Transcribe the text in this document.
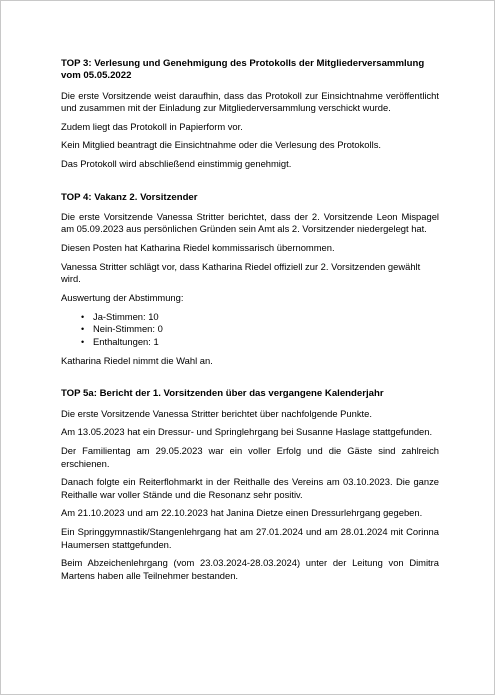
TOP 3: Verlesung und Genehmigung des Protokolls der Mitgliederversammlung vom 05.05.2022

Die erste Vorsitzende weist daraufhin, dass das Protokoll zur Einsichtnahme veröffentlicht und zusammen mit der Einladung zur Mitgliederversammlung verschickt wurde.

Zudem liegt das Protokoll in Papierform vor.

Kein Mitglied beantragt die Einsichtnahme oder die Verlesung des Protokolls.

Das Protokoll wird abschließend einstimmig genehmigt.

TOP 4: Vakanz 2. Vorsitzender

Die erste Vorsitzende Vanessa Stritter berichtet, dass der 2. Vorsitzende Leon Mispagel am 05.09.2023 aus persönlichen Gründen sein Amt als 2. Vorsitzender niedergelegt hat.

Diesen Posten hat Katharina Riedel kommissarisch übernommen.

Vanessa Stritter schlägt vor, dass Katharina Riedel offiziell zur 2. Vorsitzenden gewählt wird.

Auswertung der Abstimmung:

• Ja-Stimmen: 10
• Nein-Stimmen: 0
• Enthaltungen: 1

Katharina Riedel nimmt die Wahl an.

TOP 5a: Bericht der 1. Vorsitzenden über das vergangene Kalenderjahr

Die erste Vorsitzende Vanessa Stritter berichtet über nachfolgende Punkte.

Am 13.05.2023 hat ein Dressur- und Springlehrgang bei Susanne Haslage stattgefunden.

Der Familientag am 29.05.2023 war ein voller Erfolg und die Gäste sind zahlreich erschienen.

Danach folgte ein Reiterflohmarkt in der Reithalle des Vereins am 03.10.2023. Die ganze Reithalle war voller Stände und die Resonanz sehr positiv.

Am 21.10.2023 und am 22.10.2023 hat Janina Dietze einen Dressurlehrgang gegeben.

Ein Springgymnastik/Stangenlehrgang hat am 27.01.2024 und am 28.01.2024 mit Corinna Haumersen stattgefunden.

Beim Abzeichenlehrgang (vom 23.03.2024-28.03.2024) unter der Leitung von Dimitra Martens haben alle Teilnehmer bestanden.
